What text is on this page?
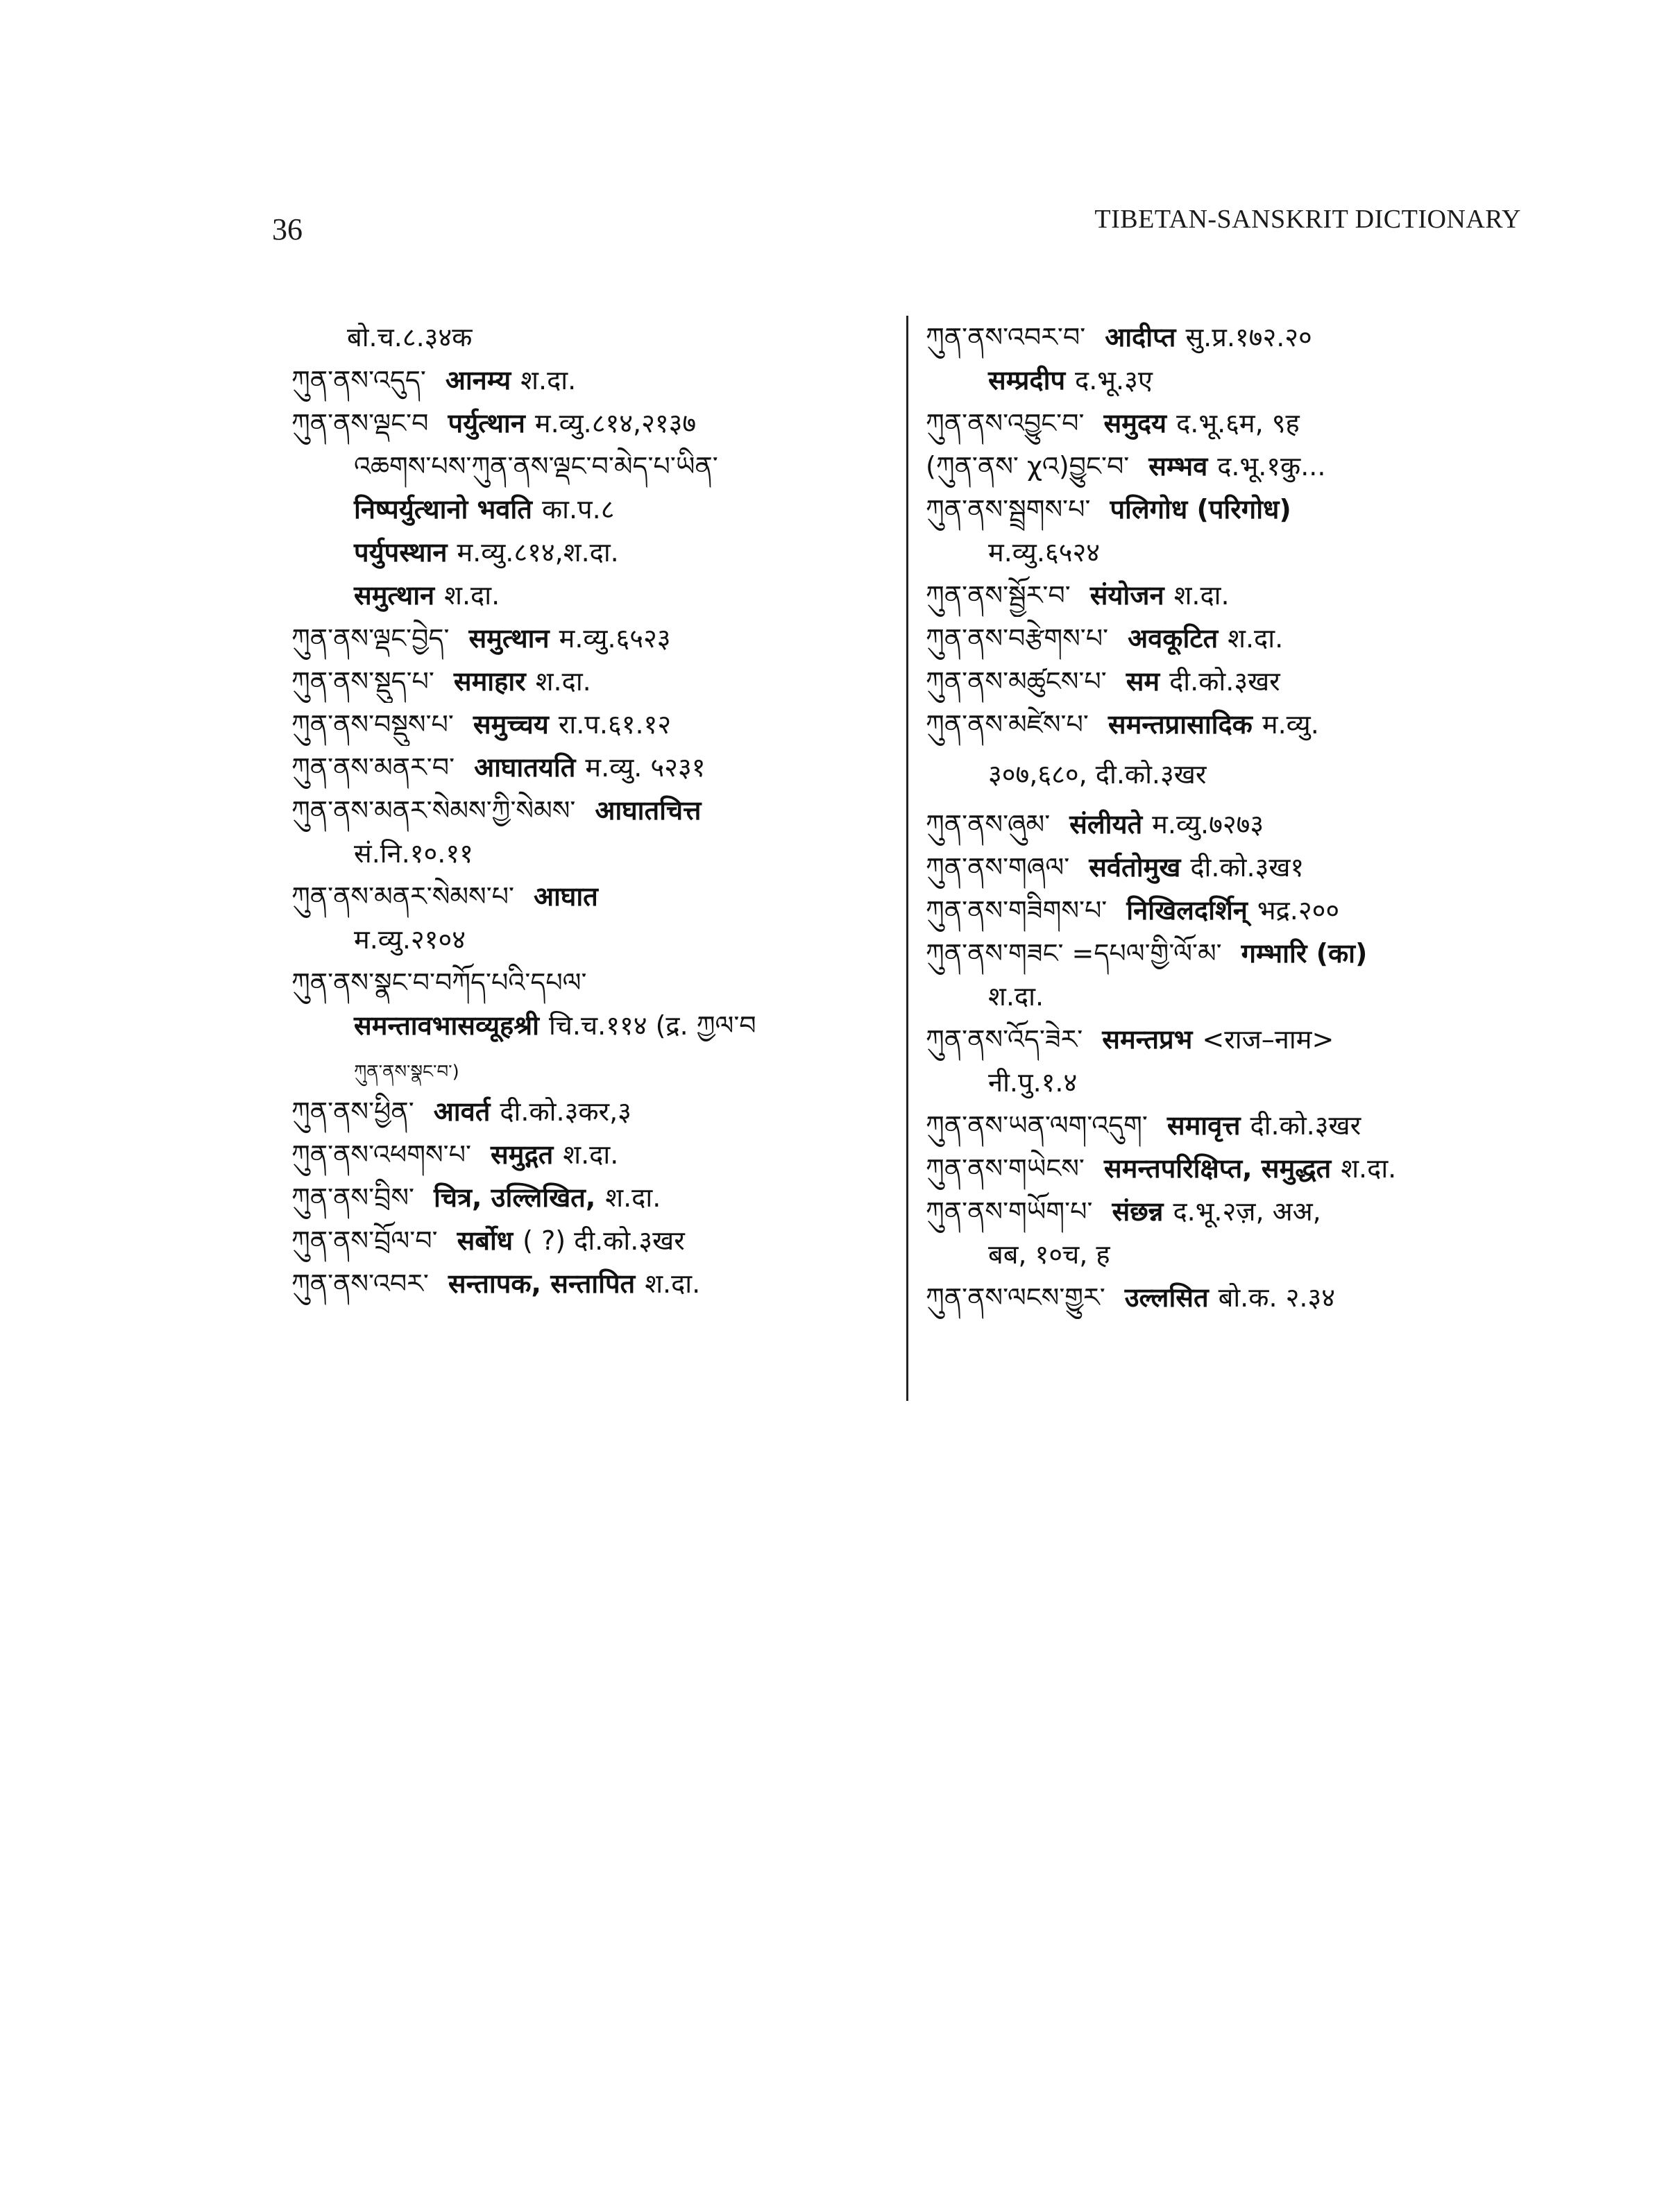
36	TIBETAN-SANSKRIT DICTIONARY
बो.च.८.३४क
ཀུན་ནས་འདུད་ आनम्य श.दा.
ཀུན་ནས་ལྡང་བ पर्युत्थान म.व्यु.८१४,२१३७
འཆགས་པས་ཀུན་ནས་ལྡང་བ་མེད་པ་ཡིན་
निष्पर्युत्थानो भवति का.प.८
पर्युपस्थान म.व्यु.८१४,श.दा.
समुत्थान श.दा.
ཀུན་ནས་ལྡང་བྱེད་ समुत्थान म.व्यु.६५२३
ཀུན་ནས་སྡུད་པ་ समाहार श.दा.
ཀུན་ནས་བསྡུས་པ་ समुच्चय रा.प.६१.१२
ཀུན་ནས་མནར་བ་ आघातयति म.व्यु. ५२३१
ཀུན་ནས་མནར་སེམས་ཀྱི་སེམས་ आघातचित्त
सं.नि.१०.११
ཀུན་ནས་མནར་སེམས་པ་ आघात
म.व्यु.२१०४
ཀུན་ནས་སྣང་བ་བཀོད་པའི་དཔལ་
समन्तावभासव्यूहश्री चि.च.११४ (द्र. ཀྱལ་བ
ཀུན་ནས་སྣང་བ་)
ཀུན་ནས་ཕྱིན་ आवर्त दी.को.३कर,३
ཀུན་ནས་འཕགས་པ་ समुद्गत श.दा.
ཀུན་ནས་བྲིས་ चित्र, उल्लिखित, श.दा.
ཀུན་ནས་བྲོལ་བ་ सर्बोध ( ?) दी.को.३खर
ཀུན་ནས་འབར་ सन्तापक, सन्तापित श.दा.
ཀུན་ནས་འབར་བ་ आदीप्त सु.प्र.१७२.२०
सम्प्रदीप द.भू.३ए
ཀུན་ནས་འབྱུང་བ་ समुदय द.भू.६म, ९ह
(ཀུན་ནས་ χའ)བྱུང་བ་ सम्भव द.भू.१कु...
ཀུན་ནས་སྦྲགས་པ་ पलिगोध (परिगोध)
म.व्यु.६५२४
ཀུན་ནས་སྦྱོར་བ་ संयोजन श.दा.
ཀུན་ནས་བརྩེགས་པ་ अवकूटित श.दा.
ཀུན་ནས་མཚུངས་པ་ सम दी.को.३खर
ཀུན་ནས་མཛེས་པ་ समन्तप्रासादिक म.व्यु.
३०७,६८०, दी.को.३खर
ཀུན་ནས་ཞུམ་ संलीयते म.व्यु.७२७३
ཀུན་ནས་གཞལ་ सर्वतोमुख दी.को.३ख१
ཀུན་ནས་གཟིགས་པ་ निखिलदर्शिन् भद्र.२००
ཀུན་ནས་གཟང་ =དཔལ་གྱི་ལོ་མ་ गम्भारि (का)
श.दा.
ཀུན་ནས་འོད་ཟེར་ समन्तप्रभ <राज–नाम>
नी.पु.१.४
ཀུན་ནས་ཡན་ལག་འདུག་ समावृत्त दी.को.३खर
ཀུན་ནས་གཡེངས་ समन्तपरिक्षिप्त, समुद्धत श.दा.
ཀུན་ནས་གཡོག་པ་ संछन्न द.भू.२ज़, अअ,
बब, १०च, ह
ཀུན་ནས་ལངས་གྱུར་ उल्लसित बो.क. २.३४
